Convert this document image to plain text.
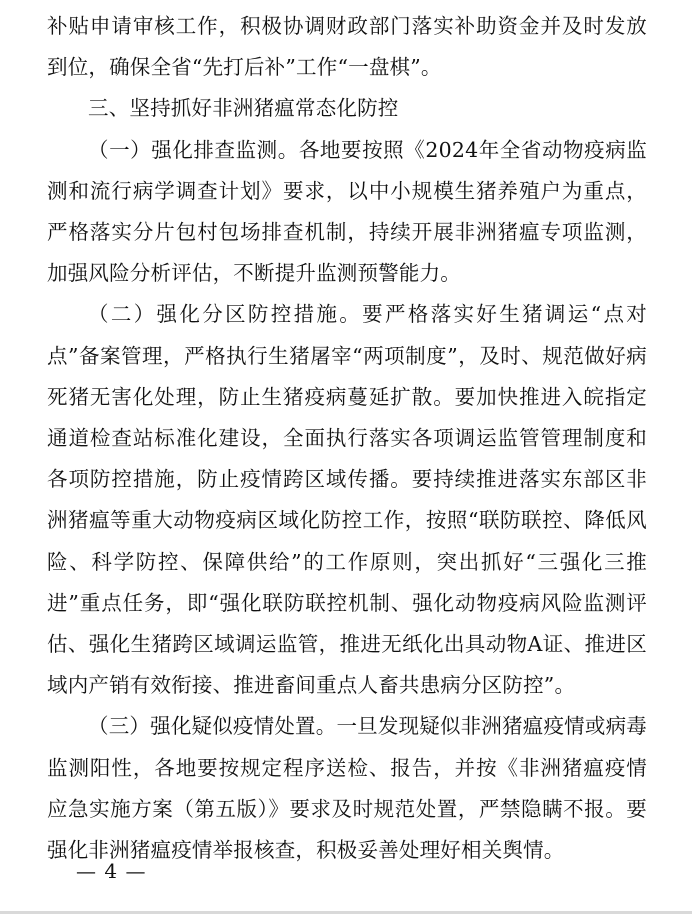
补贴申请审核工作，积极协调财政部门落实补助资金并及时发放到位，确保全省“先打后补”工作“一盘棋”。

三、坚持抓好非洲猪瘟常态化防控

（一）强化排查监测。各地要按照《2024年全省动物疫病监测和流行病学调查计划》要求，以中小规模生猪养殖户为重点，严格落实分片包村包场排查机制，持续开展非洲猪瘟专项监测，加强风险分析评估，不断提升监测预警能力。

（二）强化分区防控措施。要严格落实好生猪调运“点对点”备案管理，严格执行生猪屠宰“两项制度”，及时、规范做好病死猪无害化处理，防止生猪疫病蔓延扩散。要加快推进入皖指定通道检查站标准化建设，全面执行落实各项调运监管管理制度和各项防控措施，防止疫情跨区域传播。要持续推进落实东部区非洲猪瘟等重大动物疫病区域化防控工作，按照“联防联控、降低风险、科学防控、保障供给”的工作原则，突出抓好“三强化三推进”重点任务，即“强化联防联控机制、强化动物疫病风险监测评估、强化生猪跨区域调运监管，推进无纸化出具动物A证、推进区域内产销有效衔接、推进畜间重点人畜共患病分区防控”。

（三）强化疑似疫情处置。一旦发现疑似非洲猪瘟疫情或病毒监测阳性，各地要按规定程序送检、报告，并按《非洲猪瘟疫情应急实施方案（第五版）》要求及时规范处置，严禁隐瞒不报。要强化非洲猪瘟疫情举报核查，积极妥善处理好相关舆情。

— 4 —
